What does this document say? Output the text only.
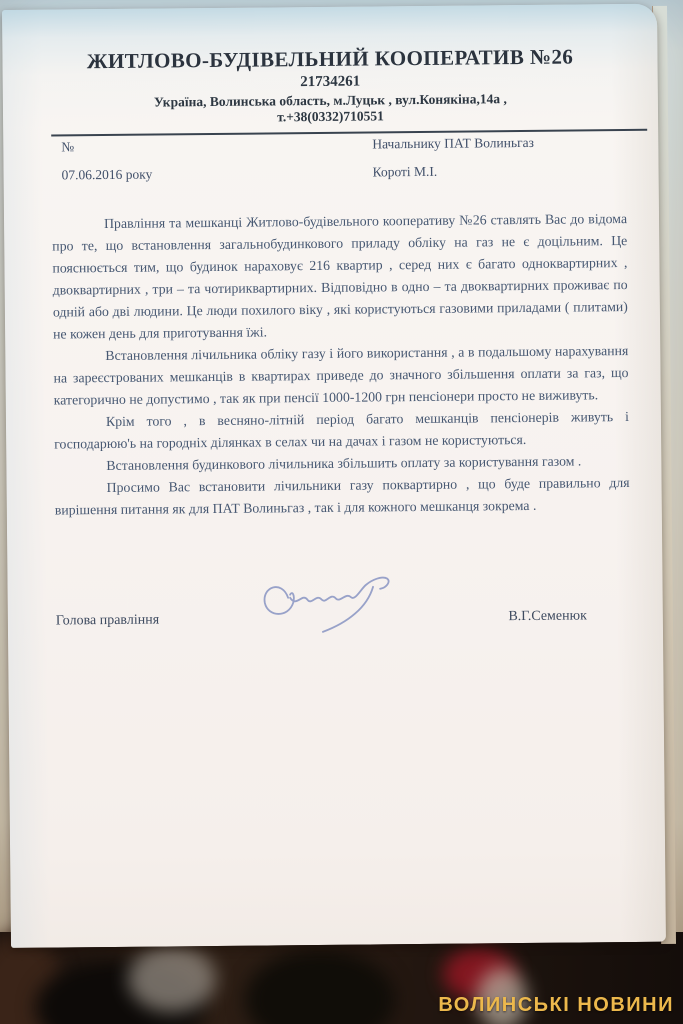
ЖИТЛОВО-БУДІВЕЛЬНИЙ КООПЕРАТИВ №26
21734261
Україна, Волинська область, м.Луцьк , вул.Конякіна,14а ,
т.+38(0332)710551
№	Начальнику ПАТ Волиньгаз
07.06.2016 року	Короті М.І.

Правління та мешканці Житлово-будівельного кооперативу №26 ставлять Вас до відома про те, що встановлення загальнобудинкового приладу обліку на газ не є доцільним. Це пояснюється тим, що будинок нараховує 216 квартир , серед них є багато одноквартирних , двоквартирних , три – та чотириквартирних. Відповідно в одно – та двоквартирних проживає по одній або дві людини. Це люди похилого віку , які користуються газовими приладами ( плитами) не кожен день для приготування їжі.

Встановлення лічильника обліку газу і його використання , а в подальшому нарахування на зареєстрованих мешканців в квартирах приведе до значного збільшення оплати за газ, що категорично не допустимо , так як при пенсії 1000-1200 грн пенсіонери просто не виживуть.

Крім того , в весняно-літній період багато мешканців пенсіонерів живуть і господарюю'ь на городніх ділянках в селах чи на дачах і газом не користуються.

Встановлення будинкового лічильника збільшить оплату за користування газом .

Просимо Вас встановити лічильники газу поквартирно , що буде правильно для вирішення питання як для ПАТ Волиньгаз , так і для кожного мешканця зокрема .

Голова правління	В.Г.Семенюк
ВОЛИНСЬКІ НОВИНИ
